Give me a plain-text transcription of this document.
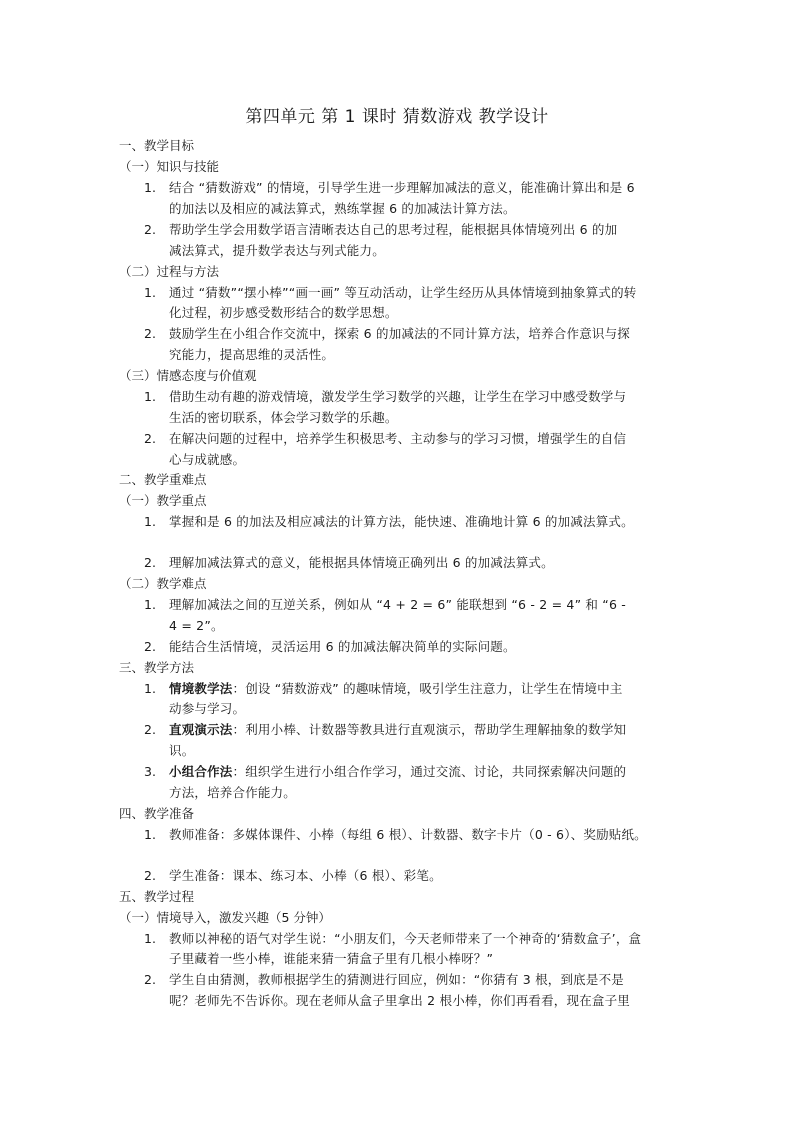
第四单元 第 1 课时 猜数游戏 教学设计
一、教学目标
（一）知识与技能
1. 结合 “猜数游戏” 的情境，引导学生进一步理解加减法的意义，能准确计算出和是 6
的加法以及相应的减法算式，熟练掌握 6 的加减法计算方法。
2. 帮助学生学会用数学语言清晰表达自己的思考过程，能根据具体情境列出 6 的加
减法算式，提升数学表达与列式能力。
（二）过程与方法
1. 通过 “猜数”“摆小棒”“画一画” 等互动活动，让学生经历从具体情境到抽象算式的转
化过程，初步感受数形结合的数学思想。
2. 鼓励学生在小组合作交流中，探索 6 的加减法的不同计算方法，培养合作意识与探
究能力，提高思维的灵活性。
（三）情感态度与价值观
1. 借助生动有趣的游戏情境，激发学生学习数学的兴趣，让学生在学习中感受数学与
生活的密切联系，体会学习数学的乐趣。
2. 在解决问题的过程中，培养学生积极思考、主动参与的学习习惯，增强学生的自信
心与成就感。
二、教学重难点
（一）教学重点
1. 掌握和是 6 的加法及相应减法的计算方法，能快速、准确地计算 6 的加减法算式。
2. 理解加减法算式的意义，能根据具体情境正确列出 6 的加减法算式。
（二）教学难点
1. 理解加减法之间的互逆关系，例如从 “4 + 2 = 6” 能联想到 “6 - 2 = 4” 和 “6 -
4 = 2”。
2. 能结合生活情境，灵活运用 6 的加减法解决简单的实际问题。
三、教学方法
1. 情境教学法：创设 “猜数游戏” 的趣味情境，吸引学生注意力，让学生在情境中主
动参与学习。
2. 直观演示法：利用小棒、计数器等教具进行直观演示，帮助学生理解抽象的数学知
识。
3. 小组合作法：组织学生进行小组合作学习，通过交流、讨论，共同探索解决问题的
方法，培养合作能力。
四、教学准备
1. 教师准备：多媒体课件、小棒（每组 6 根）、计数器、数字卡片（0 - 6）、奖励贴纸。
2. 学生准备：课本、练习本、小棒（6 根）、彩笔。
五、教学过程
（一）情境导入，激发兴趣（5 分钟）
1. 教师以神秘的语气对学生说：“小朋友们，今天老师带来了一个神奇的‘猜数盒子’，盒
子里藏着一些小棒，谁能来猜一猜盒子里有几根小棒呀？”
2. 学生自由猜测，教师根据学生的猜测进行回应，例如：“你猜有 3 根，到底是不是
呢？老师先不告诉你。现在老师从盒子里拿出 2 根小棒，你们再看看，现在盒子里
